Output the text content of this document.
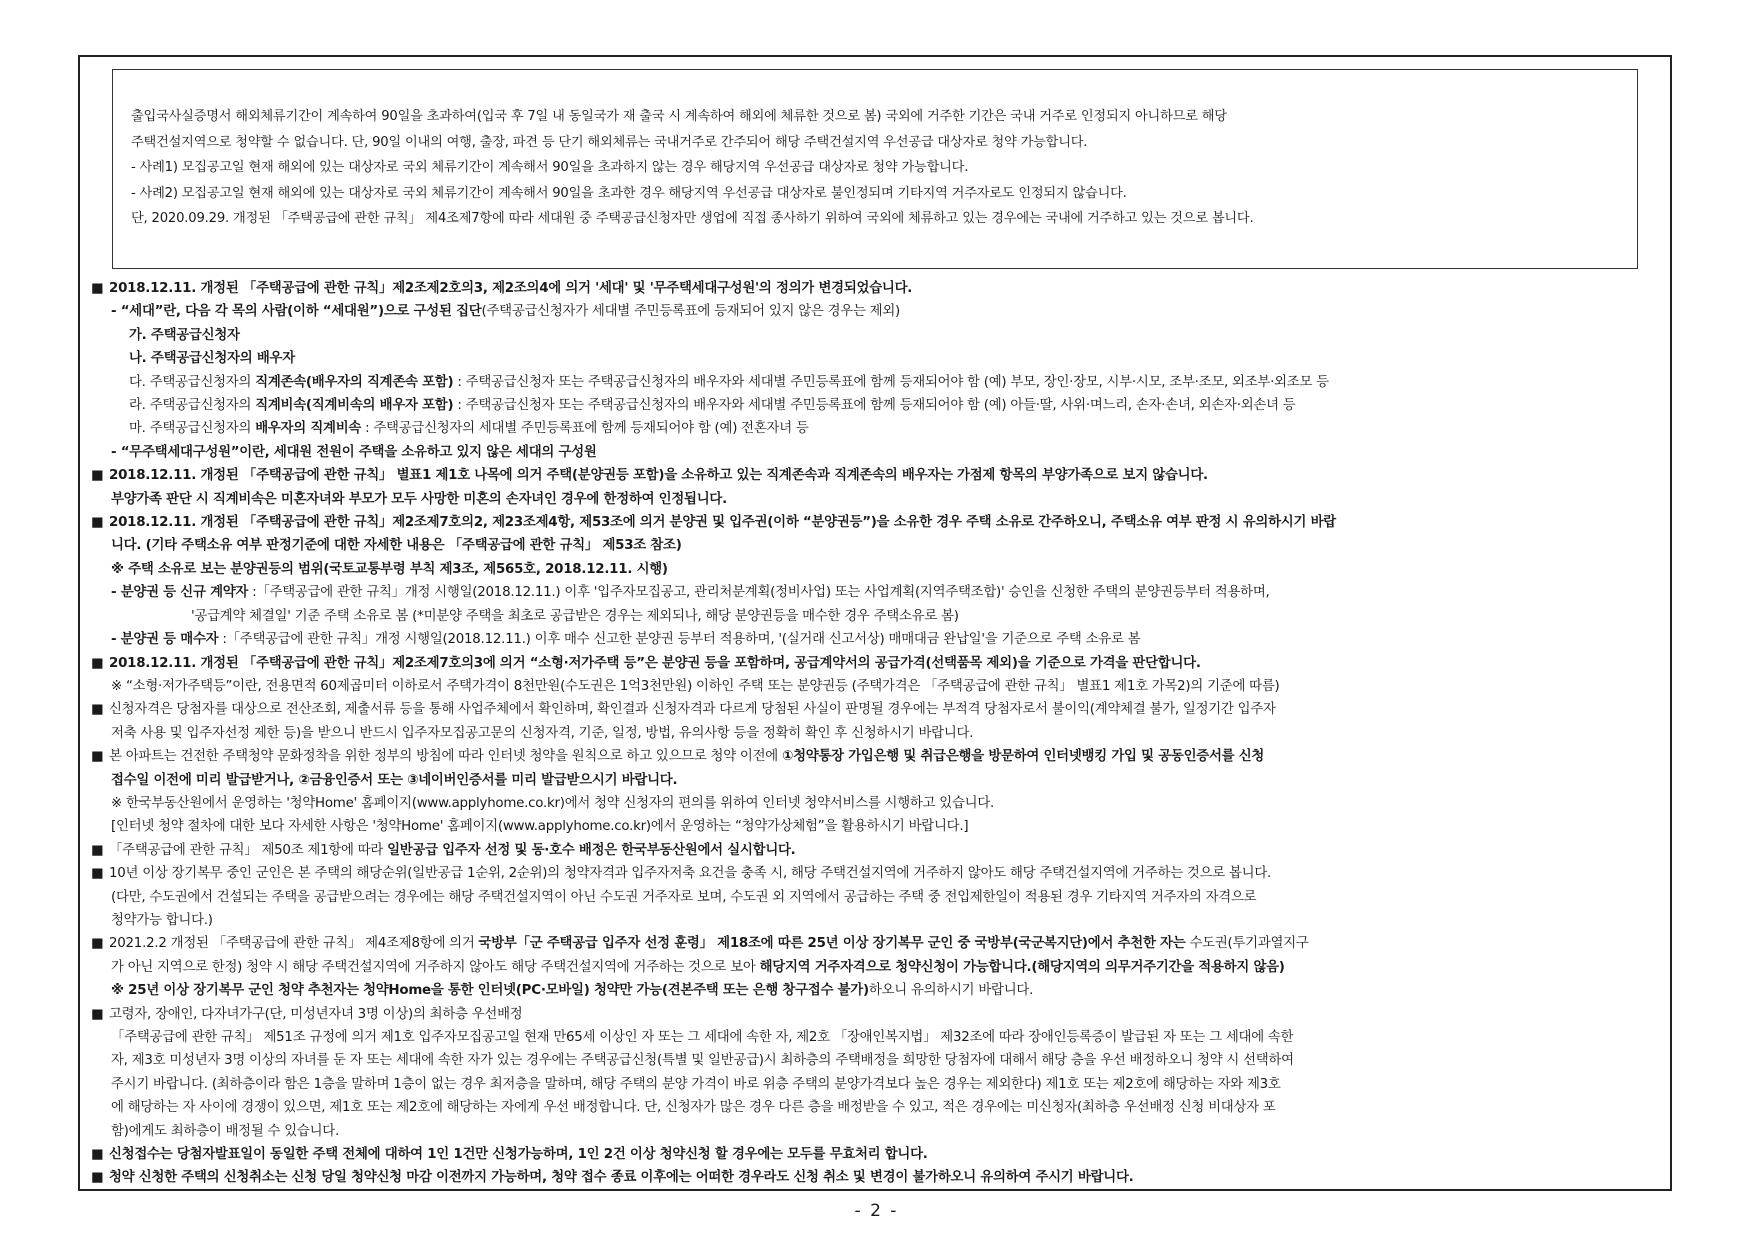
출입국사실증명서 해외체류기간이 계속하여 90일을 초과하여(입국 후 7일 내 동일국가 재 출국 시 계속하여 해외에 체류한 것으로 봄) 국외에 거주한 기간은 국내 거주로 인정되지 아니하므로 해당
주택건설지역으로 청약할 수 없습니다. 단, 90일 이내의 여행, 출장, 파견 등 단기 해외체류는 국내거주로 간주되어 해당 주택건설지역 우선공급 대상자로 청약 가능합니다.
- 사례1) 모집공고일 현재 해외에 있는 대상자로 국외 체류기간이 계속해서 90일을 초과하지 않는 경우 해당지역 우선공급 대상자로 청약 가능합니다.
- 사례2) 모집공고일 현재 해외에 있는 대상자로 국외 체류기간이 계속해서 90일을 초과한 경우 해당지역 우선공급 대상자로 불인정되며 기타지역 거주자로도 인정되지 않습니다.
단, 2020.09.29. 개정된 「주택공급에 관한 규칙」 제4조제7항에 따라 세대원 중 주택공급신청자만 생업에 직접 종사하기 위하여 국외에 체류하고 있는 경우에는 국내에 거주하고 있는 것으로 봅니다.
■ 2018.12.11. 개정된 「주택공급에 관한 규칙」제2조제2호의3, 제2조의4에 의거 '세대' 및 '무주택세대구성원'의 정의가 변경되었습니다.
- “세대”란, 다음 각 목의 사람(이하 “세대원”)으로 구성된 집단(주택공급신청자가 세대별 주민등록표에 등재되어 있지 않은 경우는 제외)
가. 주택공급신청자
나. 주택공급신청자의 배우자
다. 주택공급신청자의 직계존속(배우자의 직계존속 포함) : 주택공급신청자 또는 주택공급신청자의 배우자와 세대별 주민등록표에 함께 등재되어야 함 (예) 부모, 장인·장모, 시부·시모, 조부·조모, 외조부·외조모 등
라. 주택공급신청자의 직계비속(직계비속의 배우자 포함) : 주택공급신청자 또는 주택공급신청자의 배우자와 세대별 주민등록표에 함께 등재되어야 함 (예) 아들·딸, 사위·며느리, 손자·손녀, 외손자·외손녀 등
마. 주택공급신청자의 배우자의 직계비속 : 주택공급신청자의 세대별 주민등록표에 함께 등재되어야 함 (예) 전혼자녀 등
- “무주택세대구성원”이란, 세대원 전원이 주택을 소유하고 있지 않은 세대의 구성원
■ 2018.12.11. 개정된 「주택공급에 관한 규칙」 별표1 제1호 나목에 의거 주택(분양권등 포함)을 소유하고 있는 직계존속과 직계존속의 배우자는 가점제 항목의 부양가족으로 보지 않습니다.
부양가족 판단 시 직계비속은 미혼자녀와 부모가 모두 사망한 미혼의 손자녀인 경우에 한정하여 인정됩니다.
■ 2018.12.11. 개정된 「주택공급에 관한 규칙」제2조제7호의2, 제23조제4항, 제53조에 의거 분양권 및 입주권(이하 “분양권등”)을 소유한 경우 주택 소유로 간주하오니, 주택소유 여부 판정 시 유의하시기 바랍
니다. (기타 주택소유 여부 판정기준에 대한 자세한 내용은 「주택공급에 관한 규칙」 제53조 참조)
※ 주택 소유로 보는 분양권등의 범위(국토교통부령 부칙 제3조, 제565호, 2018.12.11. 시행)
- 분양권 등 신규 계약자 :「주택공급에 관한 규칙」개정 시행일(2018.12.11.) 이후 '입주자모집공고, 관리처분계획(정비사업) 또는 사업계획(지역주택조합)' 승인을 신청한 주택의 분양권등부터 적용하며,
'공급계약 체결일' 기준 주택 소유로 봄 (*미분양 주택을 최초로 공급받은 경우는 제외되나, 해당 분양권등을 매수한 경우 주택소유로 봄)
- 분양권 등 매수자 :「주택공급에 관한 규칙」개정 시행일(2018.12.11.) 이후 매수 신고한 분양권 등부터 적용하며, '(실거래 신고서상) 매매대금 완납일'을 기준으로 주택 소유로 봄
■ 2018.12.11. 개정된 「주택공급에 관한 규칙」제2조제7호의3에 의거 “소형·저가주택 등”은 분양권 등을 포함하며, 공급계약서의 공급가격(선택품목 제외)을 기준으로 가격을 판단합니다.
※ “소형·저가주택등”이란, 전용면적 60제곱미터 이하로서 주택가격이 8천만원(수도권은 1억3천만원) 이하인 주택 또는 분양권등 (주택가격은 「주택공급에 관한 규칙」 별표1 제1호 가목2)의 기준에 따름)
■ 신청자격은 당첨자를 대상으로 전산조회, 제출서류 등을 통해 사업주체에서 확인하며, 확인결과 신청자격과 다르게 당첨된 사실이 판명될 경우에는 부적격 당첨자로서 불이익(계약체결 불가, 일정기간 입주자
저축 사용 및 입주자선정 제한 등)을 받으니 반드시 입주자모집공고문의 신청자격, 기준, 일정, 방법, 유의사항 등을 정확히 확인 후 신청하시기 바랍니다.
■ 본 아파트는 건전한 주택청약 문화정착을 위한 정부의 방침에 따라 인터넷 청약을 원칙으로 하고 있으므로 청약 이전에 ①청약통장 가입은행 및 취급은행을 방문하여 인터넷뱅킹 가입 및 공동인증서를 신청
접수일 이전에 미리 발급받거나, ②금융인증서 또는 ③네이버인증서를 미리 발급받으시기 바랍니다.
※ 한국부동산원에서 운영하는 '청약Home' 홈페이지(www.applyhome.co.kr)에서 청약 신청자의 편의를 위하여 인터넷 청약서비스를 시행하고 있습니다.
[인터넷 청약 절차에 대한 보다 자세한 사항은 '청약Home' 홈페이지(www.applyhome.co.kr)에서 운영하는 “청약가상체험”을 활용하시기 바랍니다.]
■ 「주택공급에 관한 규칙」 제50조 제1항에 따라 일반공급 입주자 선정 및 동·호수 배정은 한국부동산원에서 실시합니다.
■ 10년 이상 장기복무 중인 군인은 본 주택의 해당순위(일반공급 1순위, 2순위)의 청약자격과 입주자저축 요건을 충족 시, 해당 주택건설지역에 거주하지 않아도 해당 주택건설지역에 거주하는 것으로 봅니다.
(다만, 수도권에서 건설되는 주택을 공급받으려는 경우에는 해당 주택건설지역이 아닌 수도권 거주자로 보며, 수도권 외 지역에서 공급하는 주택 중 전입제한일이 적용된 경우 기타지역 거주자의 자격으로
청약가능 합니다.)
■ 2021.2.2 개정된 「주택공급에 관한 규칙」 제4조제8항에 의거 국방부「군 주택공급 입주자 선정 훈령」 제18조에 따른 25년 이상 장기복무 군인 중 국방부(국군복지단)에서 추천한 자는 수도권(투기과열지구
가 아닌 지역으로 한정) 청약 시 해당 주택건설지역에 거주하지 않아도 해당 주택건설지역에 거주하는 것으로 보아 해당지역 거주자격으로 청약신청이 가능합니다.(해당지역의 의무거주기간을 적용하지 않음)
※ 25년 이상 장기복무 군인 청약 추천자는 청약Home을 통한 인터넷(PC·모바일) 청약만 가능(견본주택 또는 은행 창구접수 불가)하오니 유의하시기 바랍니다.
■ 고령자, 장애인, 다자녀가구(단, 미성년자녀 3명 이상)의 최하층 우선배정
「주택공급에 관한 규칙」 제51조 규정에 의거 제1호 입주자모집공고일 현재 만65세 이상인 자 또는 그 세대에 속한 자, 제2호 「장애인복지법」 제32조에 따라 장애인등록증이 발급된 자 또는 그 세대에 속한
자, 제3호 미성년자 3명 이상의 자녀를 둔 자 또는 세대에 속한 자가 있는 경우에는 주택공급신청(특별 및 일반공급)시 최하층의 주택배정을 희망한 당첨자에 대해서 해당 층을 우선 배정하오니 청약 시 선택하여
주시기 바랍니다. (최하층이라 함은 1층을 말하며 1층이 없는 경우 최저층을 말하며, 해당 주택의 분양 가격이 바로 위층 주택의 분양가격보다 높은 경우는 제외한다) 제1호 또는 제2호에 해당하는 자와 제3호
에 해당하는 자 사이에 경쟁이 있으면, 제1호 또는 제2호에 해당하는 자에게 우선 배정합니다. 단, 신청자가 많은 경우 다른 층을 배정받을 수 있고, 적은 경우에는 미신청자(최하층 우선배정 신청 비대상자 포
함)에게도 최하층이 배정될 수 있습니다.
■ 신청접수는 당첨자발표일이 동일한 주택 전체에 대하여 1인 1건만 신청가능하며, 1인 2건 이상 청약신청 할 경우에는 모두를 무효처리 합니다.
■ 청약 신청한 주택의 신청취소는 신청 당일 청약신청 마감 이전까지 가능하며, 청약 접수 종료 이후에는 어떠한 경우라도 신청 취소 및 변경이 불가하오니 유의하여 주시기 바랍니다.
- 2 -
